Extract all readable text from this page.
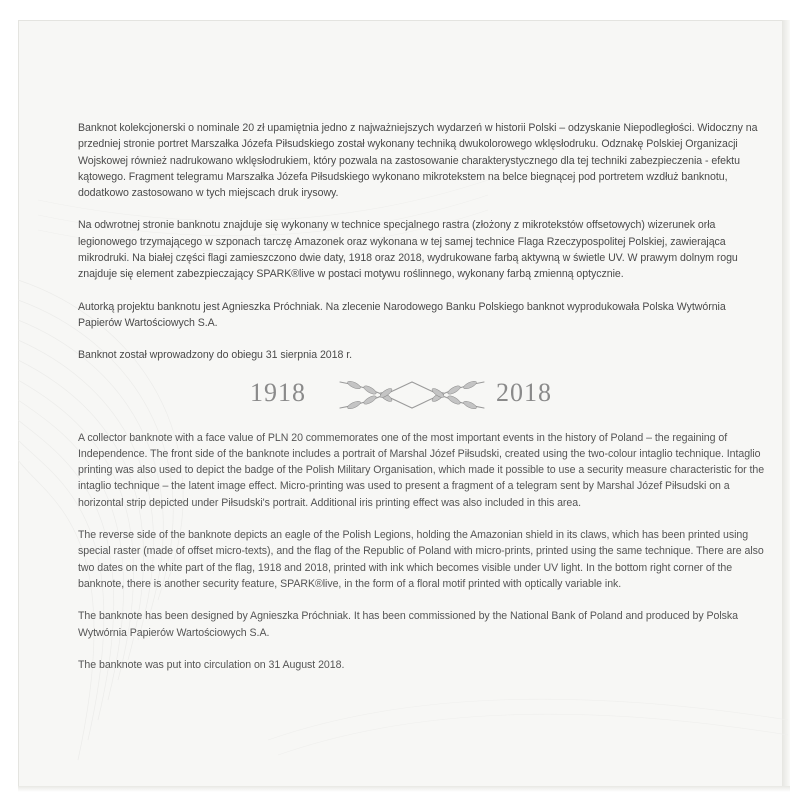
Banknot kolekcjonerski o nominale 20 zł upamiętnia jedno z najważniejszych wydarzeń w historii Polski – odzyskanie Niepodległości. Widoczny na przedniej stronie portret Marszałka Józefa Piłsudskiego został wykonany techniką dwukolorowego wklęsłodruku. Odznakę Polskiej Organizacji Wojskowej również nadrukowano wklęsłodrukiem, który pozwala na zastosowanie charakterystycznego dla tej techniki zabezpieczenia - efektu kątowego. Fragment telegramu Marszałka Józefa Piłsudskiego wykonano mikrotekstem na belce biegnącej pod portretem wzdłuż banknotu, dodatkowo zastosowano w tych miejscach druk irysowy.

Na odwrotnej stronie banknotu znajduje się wykonany w technice specjalnego rastra (złożony z mikrotekstów offsetowych) wizerunek orła legionowego trzymającego w szponach tarczę Amazonek oraz wykonana w tej samej technice Flaga Rzeczypospolitej Polskiej, zawierająca mikrodruki. Na białej części flagi zamieszczono dwie daty, 1918 oraz 2018, wydrukowane farbą aktywną w świetle UV. W prawym dolnym rogu znajduje się element zabezpieczający SPARK®live w postaci motywu roślinnego, wykonany farbą zmienną optycznie.

Autorką projektu banknotu jest Agnieszka Próchniak. Na zlecenie Narodowego Banku Polskiego banknot wyprodukowała Polska Wytwórnia Papierów Wartościowych S.A.

Banknot został wprowadzony do obiegu 31 sierpnia 2018 r.

1918	2018

A collector banknote with a face value of PLN 20 commemorates one of the most important events in the history of Poland – the regaining of Independence. The front side of the banknote includes a portrait of Marshal Józef Piłsudski, created using the two-colour intaglio technique. Intaglio printing was also used to depict the badge of the Polish Military Organisation, which made it possible to use a security measure characteristic for the intaglio technique – the latent image effect. Micro-printing was used to present a fragment of a telegram sent by Marshal Józef Piłsudski on a horizontal strip depicted under Piłsudski's portrait. Additional iris printing effect was also included in this area.

The reverse side of the banknote depicts an eagle of the Polish Legions, holding the Amazonian shield in its claws, which has been printed using special raster (made of offset micro-texts), and the flag of the Republic of Poland with micro-prints, printed using the same technique. There are also two dates on the white part of the flag, 1918 and 2018, printed with ink which becomes visible under UV light. In the bottom right corner of the banknote, there is another security feature, SPARK®live, in the form of a floral motif printed with optically variable ink.

The banknote has been designed by Agnieszka Próchniak. It has been commissioned by the National Bank of Poland and produced by Polska Wytwórnia Papierów Wartościowych S.A.

The banknote was put into circulation on 31 August 2018.
